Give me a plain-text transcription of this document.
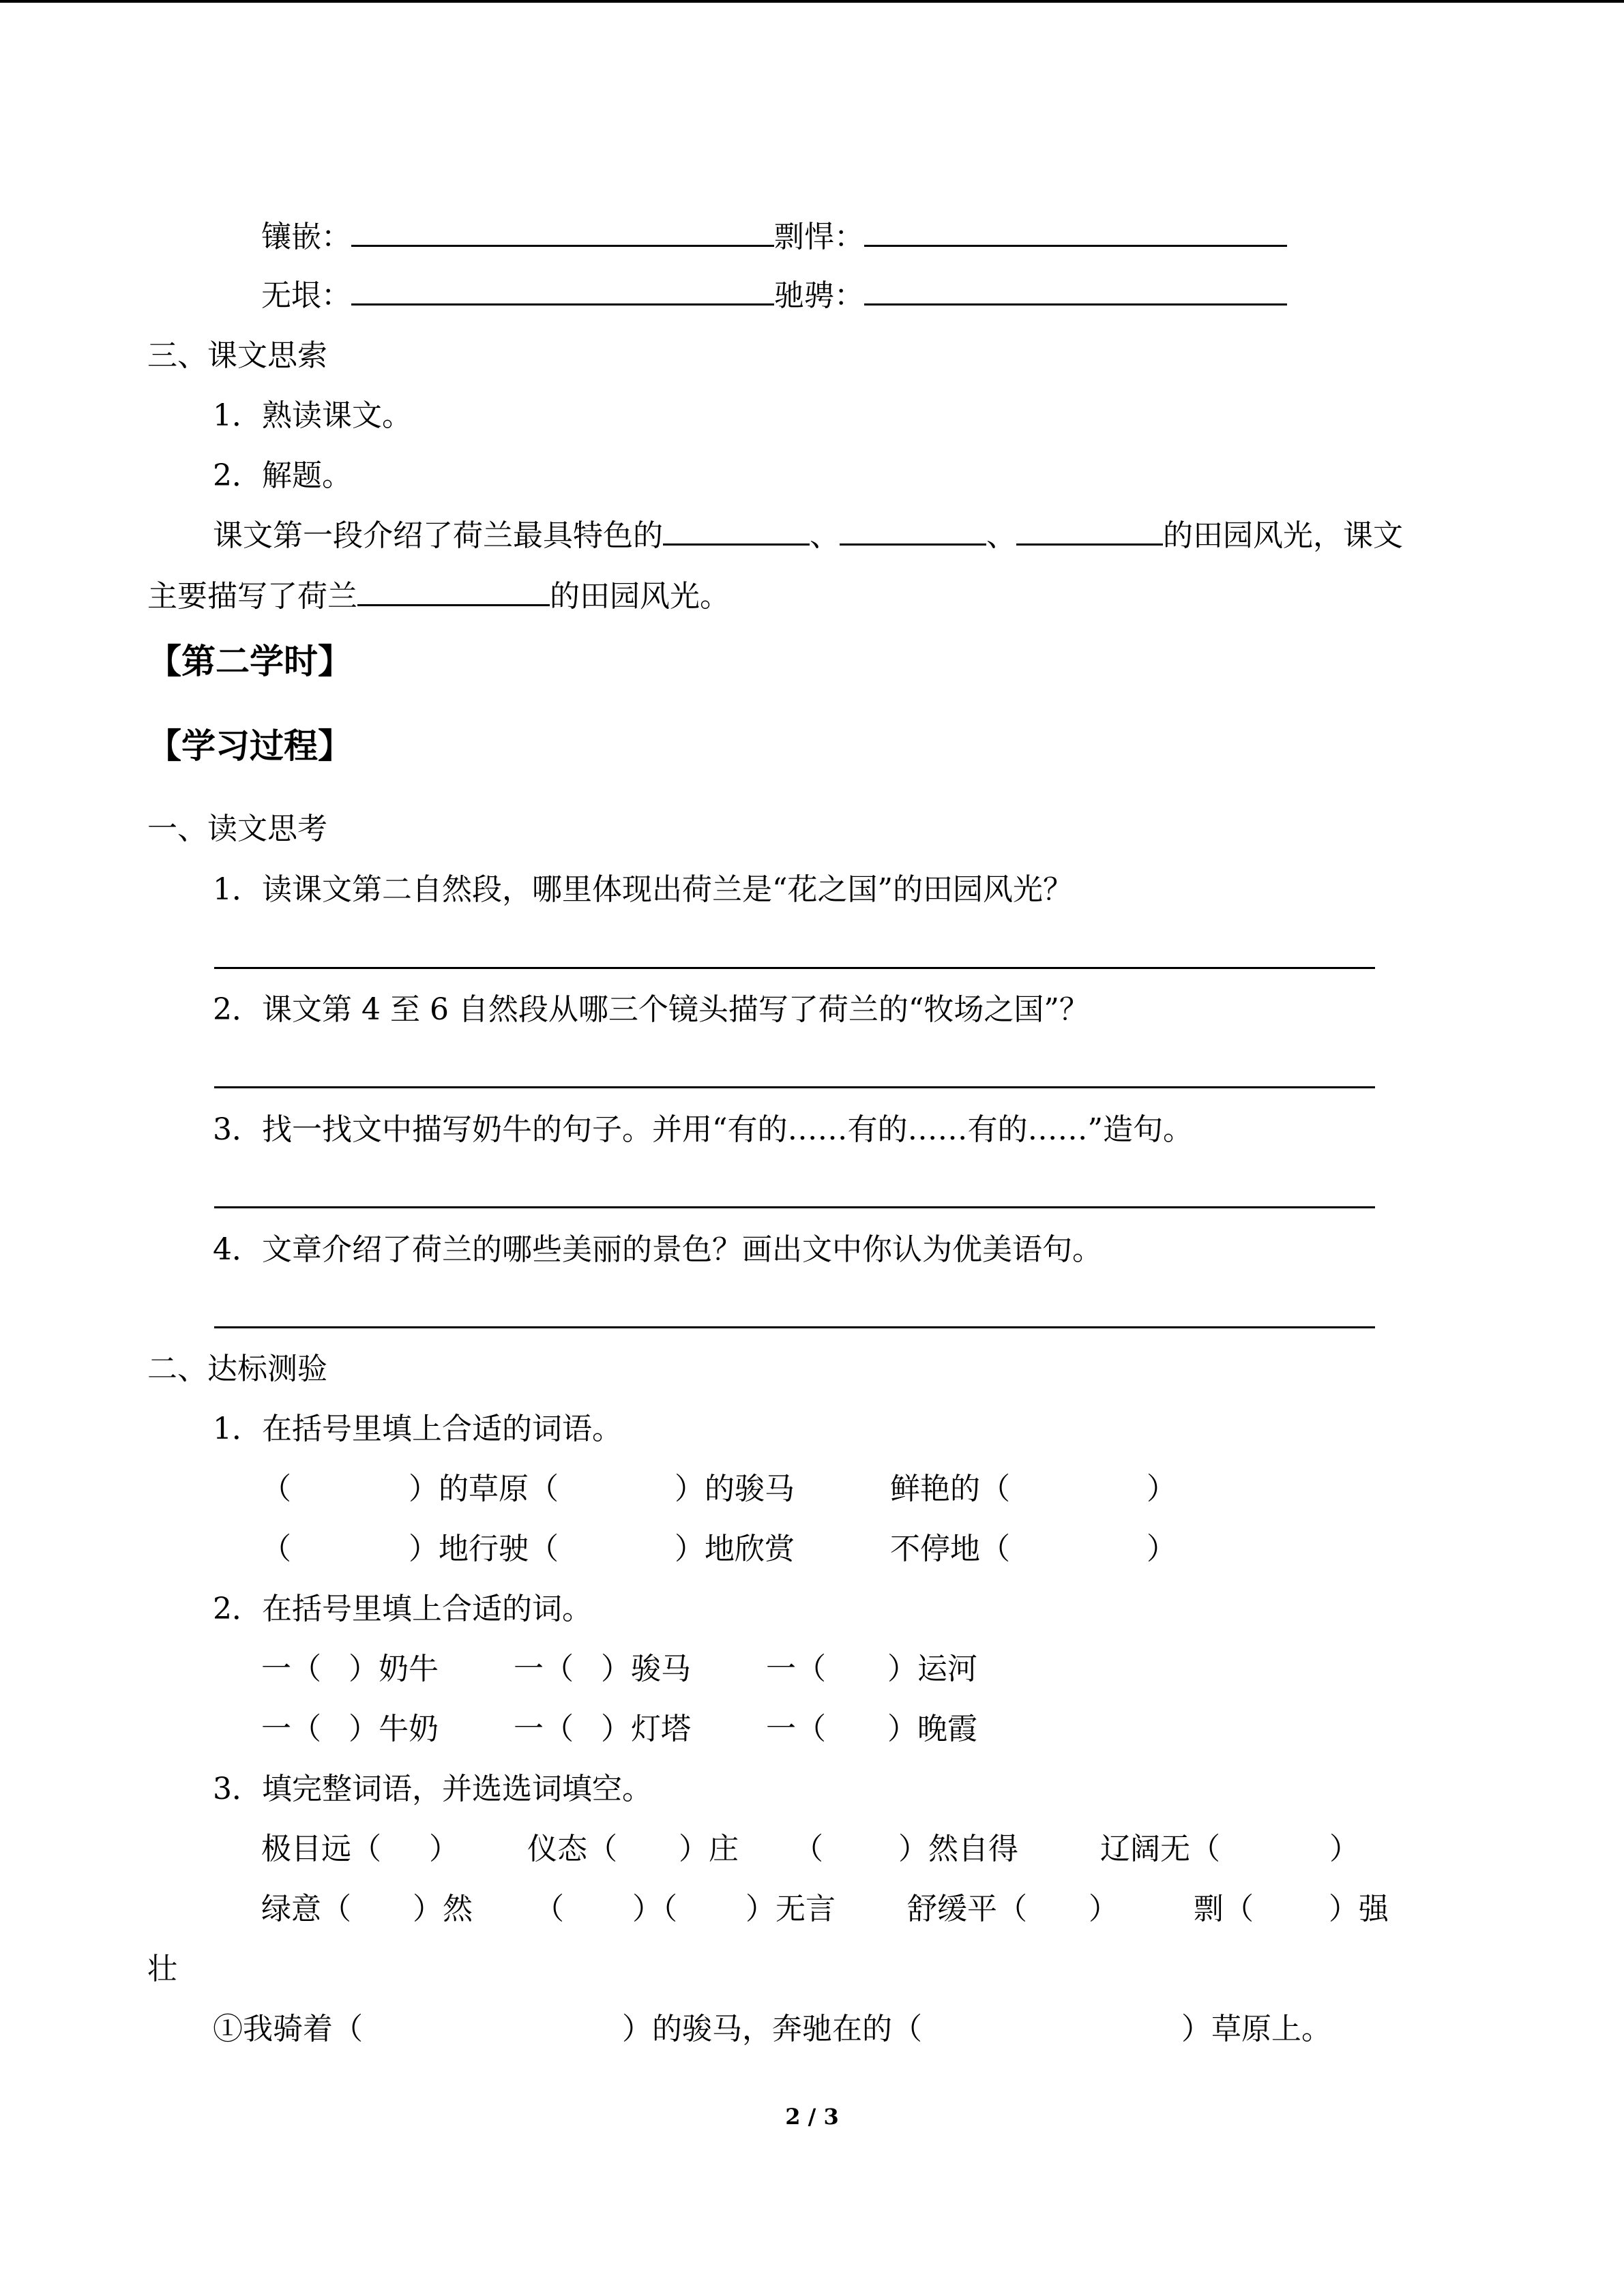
镶嵌：	剽悍：
无垠：	驰骋：
三、课文思索
1．熟读课文。
2．解题。
课文第一段介绍了荷兰最具特色的	、	、	的田园风光，课文
主要描写了荷兰	的田园风光。
【第二学时】
【学习过程】
一、读文思考
1．读课文第二自然段，哪里体现出荷兰是“花之国”的田园风光？
2．课文第 4 至 6 自然段从哪三个镜头描写了荷兰的“牧场之国”？
3．找一找文中描写奶牛的句子。并用“有的……有的……有的……”造句。
4．文章介绍了荷兰的哪些美丽的景色？画出文中你认为优美语句。
二、达标测验
1．在括号里填上合适的词语。
（	）的草原（	）的骏马	鲜艳的（	）
（	）地行驶（	）地欣赏	不停地（	）
2．在括号里填上合适的词。
一（ ）奶牛	一（ ）骏马	一（ ）运河
一（ ）牛奶	一（ ）灯塔	一（ ）晚霞
3．填完整词语，并选选词填空。
极目远（ ） 仪态（ ）庄 （	）然自得	辽阔无（	）
绿意（ ）然 （ ）（ ）无言 舒缓平（ ）	剽（	）强
壮
①我骑着（	）的骏马，奔驰在的（	）草原上。
2 / 3
